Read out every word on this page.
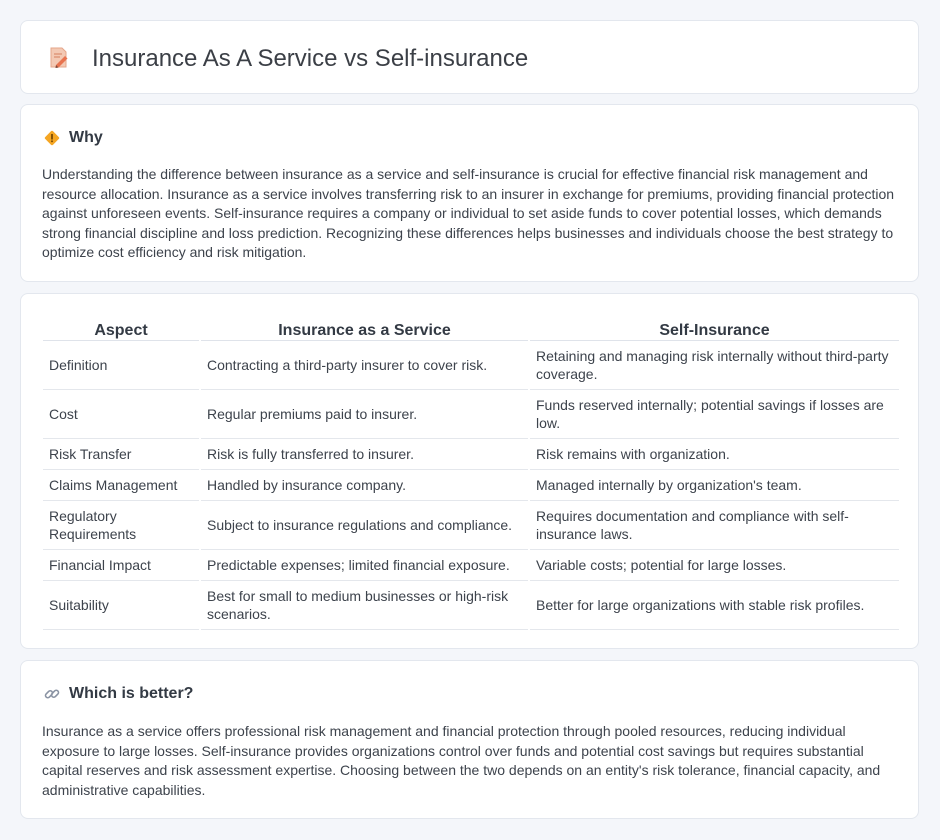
Insurance As A Service vs Self-insurance
Why

Understanding the difference between insurance as a service and self-insurance is crucial for effective financial risk management and resource allocation. Insurance as a service involves transferring risk to an insurer in exchange for premiums, providing financial protection against unforeseen events. Self-insurance requires a company or individual to set aside funds to cover potential losses, which demands strong financial discipline and loss prediction. Recognizing these differences helps businesses and individuals choose the best strategy to optimize cost efficiency and risk mitigation.

Aspect	Insurance as a Service	Self-Insurance
Definition	Contracting a third-party insurer to cover risk.	Retaining and managing risk internally without third-party coverage.
Cost	Regular premiums paid to insurer.	Funds reserved internally; potential savings if losses are low.
Risk Transfer	Risk is fully transferred to insurer.	Risk remains with organization.
Claims Management	Handled by insurance company.	Managed internally by organization's team.
Regulatory Requirements	Subject to insurance regulations and compliance.	Requires documentation and compliance with self-insurance laws.
Financial Impact	Predictable expenses; limited financial exposure.	Variable costs; potential for large losses.
Suitability	Best for small to medium businesses or high-risk scenarios.	Better for large organizations with stable risk profiles.
Which is better?

Insurance as a service offers professional risk management and financial protection through pooled resources, reducing individual exposure to large losses. Self-insurance provides organizations control over funds and potential cost savings but requires substantial capital reserves and risk assessment expertise. Choosing between the two depends on an entity's risk tolerance, financial capacity, and administrative capabilities.
